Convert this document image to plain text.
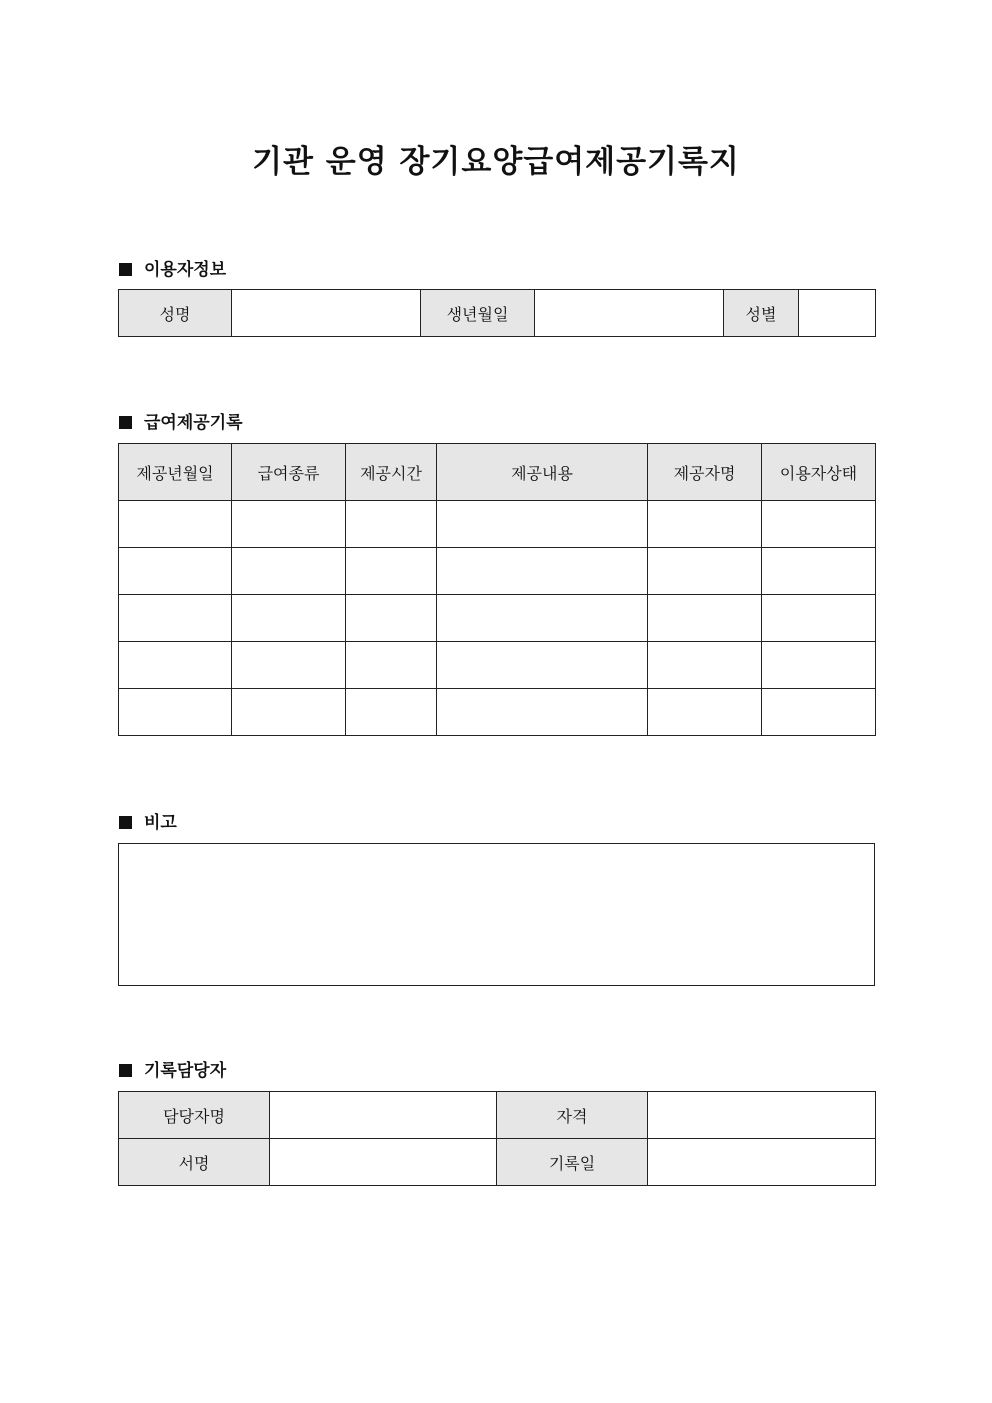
기관 운영 장기요양급여제공기록지
이용자정보
성명		생년월일		성별	
급여제공기록
제공년월일	급여종류	제공시간	제공내용	제공자명	이용자상태

비고
기록담당자
담당자명		자격	
서명		기록일	
